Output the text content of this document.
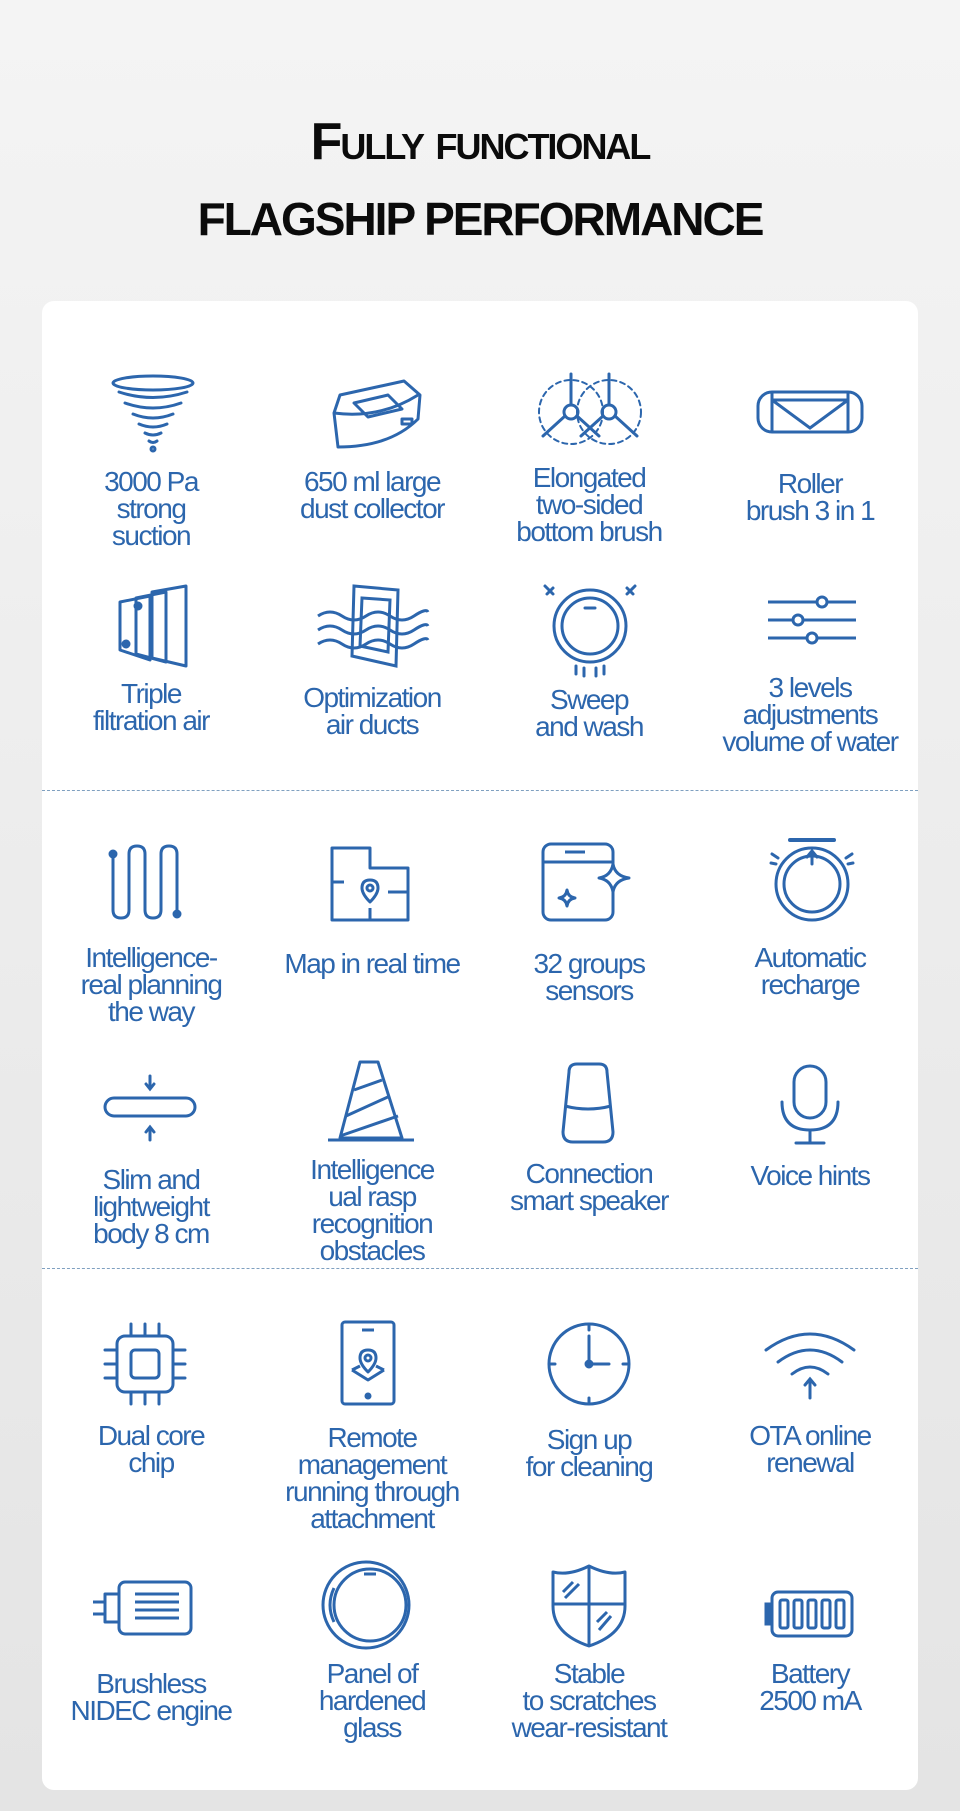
Fully functional
FLAGSHIP PERFORMANCE
3000 Pa
strong
suction
650 ml large
dust collector
Elongated
two-sided
bottom brush
Roller
brush 3 in 1
Triple
filtration air
Optimization
air ducts
Sweep
and wash
3 levels
adjustments
volume of water
Intelligence-
real planning
the way
Map in real time	32 groups
sensors
Automatic
recharge
Slim and
lightweight
body 8 cm
Intelligence
ual rasp
recognition
obstacles
Connection
smart speaker
Voice hints
Dual core
chip
Remote
management
running through
attachment
Sign up
for cleaning
OTA online
renewal
Brushless
NIDEC engine
Panel of
hardened
glass
Stable
to scratches
wear-resistant
Battery
2500 mA
